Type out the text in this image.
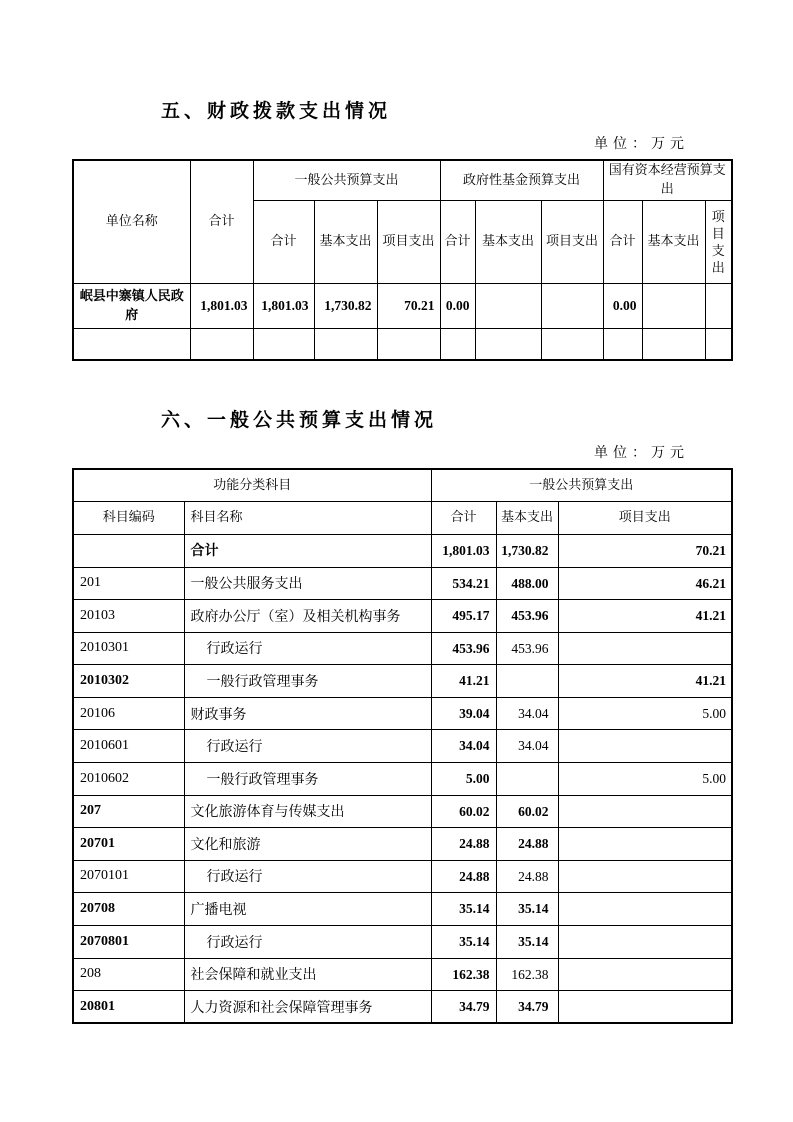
五、财政拨款支出情况
单位：万元
单位名称	合计	一般公共预算支出			政府性基金预算支出			国有资本经营预算支出		
		合计	基本支出	项目支出	合计	基本支出	项目支出	合计	基本支出	项目支出
岷县中寨镇人民政府	1,801.03	1,801.03	1,730.82	70.21	0.00			0.00		

六、一般公共预算支出情况
单位：万元
功能分类科目		一般公共预算支出		
科目编码	科目名称	合计	基本支出	项目支出
	合计	1,801.03	1,730.82	70.21
201	一般公共服务支出	534.21	488.00	46.21
20103	政府办公厅（室）及相关机构事务	495.17	453.96	41.21
2010301	行政运行	453.96	453.96	
2010302	一般行政管理事务	41.21		41.21
20106	财政事务	39.04	34.04	5.00
2010601	行政运行	34.04	34.04	
2010602	一般行政管理事务	5.00		5.00
207	文化旅游体育与传媒支出	60.02	60.02	
20701	文化和旅游	24.88	24.88	
2070101	行政运行	24.88	24.88	
20708	广播电视	35.14	35.14	
2070801	行政运行	35.14	35.14	
208	社会保障和就业支出	162.38	162.38	
20801	人力资源和社会保障管理事务	34.79	34.79	
